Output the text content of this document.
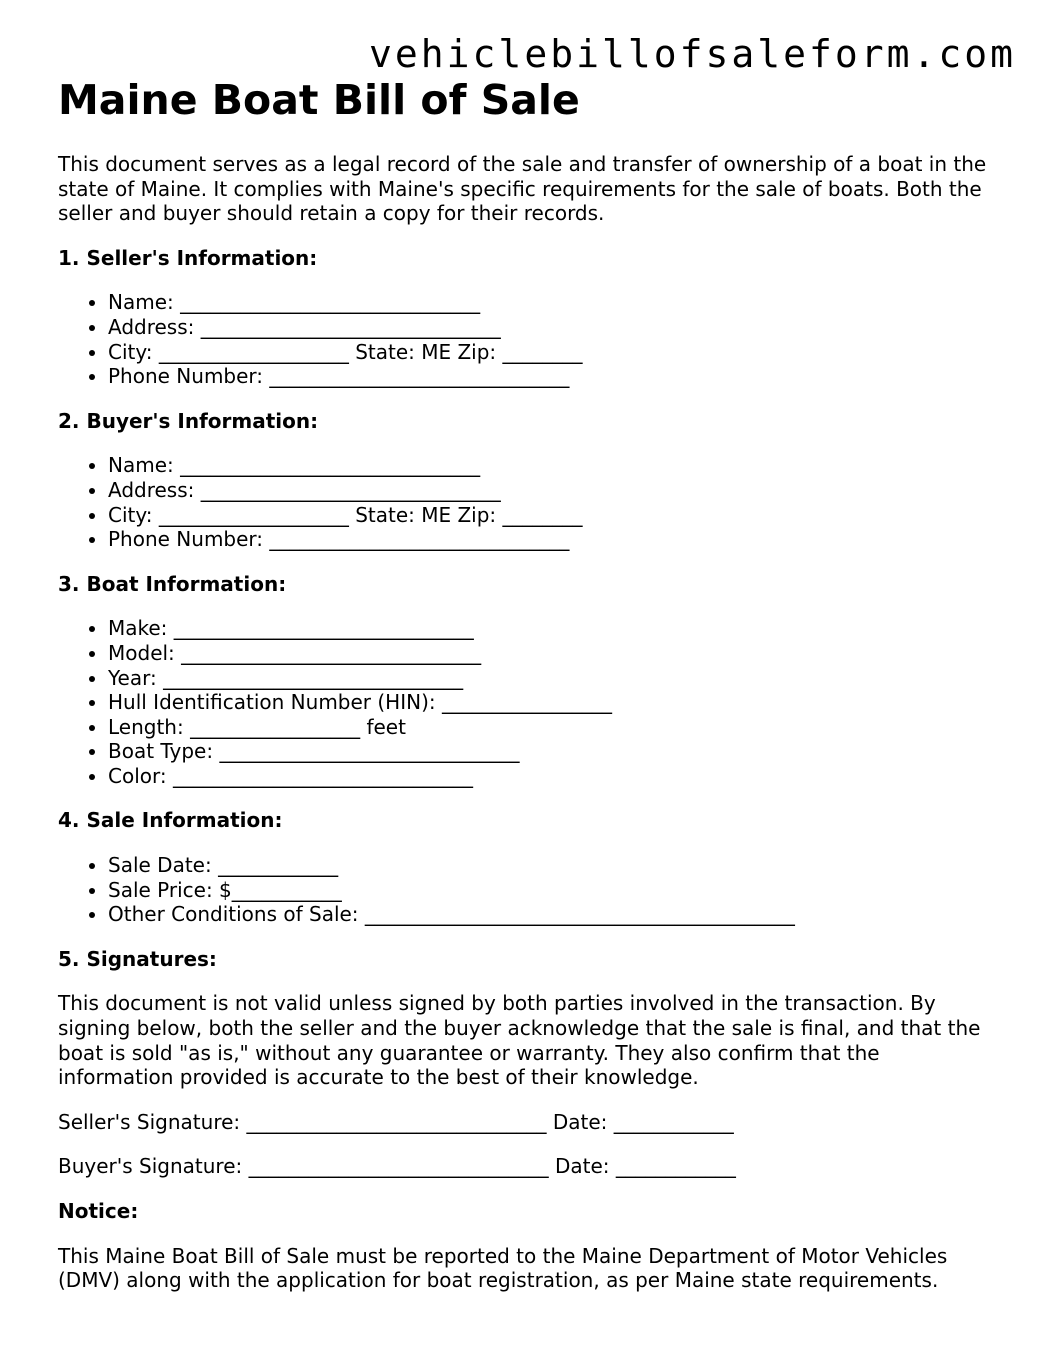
vehiclebillofsaleform.com
Maine Boat Bill of Sale

This document serves as a legal record of the sale and transfer of ownership of a boat in the state of Maine. It complies with Maine's specific requirements for the sale of boats. Both the seller and buyer should retain a copy for their records.

1. Seller's Information:

• Name: ______________________________
• Address: ______________________________
• City: ___________________ State: ME Zip: ________
• Phone Number: ______________________________

2. Buyer's Information:

• Name: ______________________________
• Address: ______________________________
• City: ___________________ State: ME Zip: ________
• Phone Number: ______________________________

3. Boat Information:

• Make: ______________________________
• Model: ______________________________
• Year: ______________________________
• Hull Identification Number (HIN): _________________
• Length: _________________ feet
• Boat Type: ______________________________
• Color: ______________________________

4. Sale Information:

• Sale Date: ____________
• Sale Price: $___________
• Other Conditions of Sale: ___________________________________________

5. Signatures:

This document is not valid unless signed by both parties involved in the transaction. By signing below, both the seller and the buyer acknowledge that the sale is final, and that the boat is sold "as is," without any guarantee or warranty. They also confirm that the information provided is accurate to the best of their knowledge.

Seller's Signature: ______________________________ Date: ____________

Buyer's Signature: ______________________________ Date: ____________

Notice:

This Maine Boat Bill of Sale must be reported to the Maine Department of Motor Vehicles (DMV) along with the application for boat registration, as per Maine state requirements.
